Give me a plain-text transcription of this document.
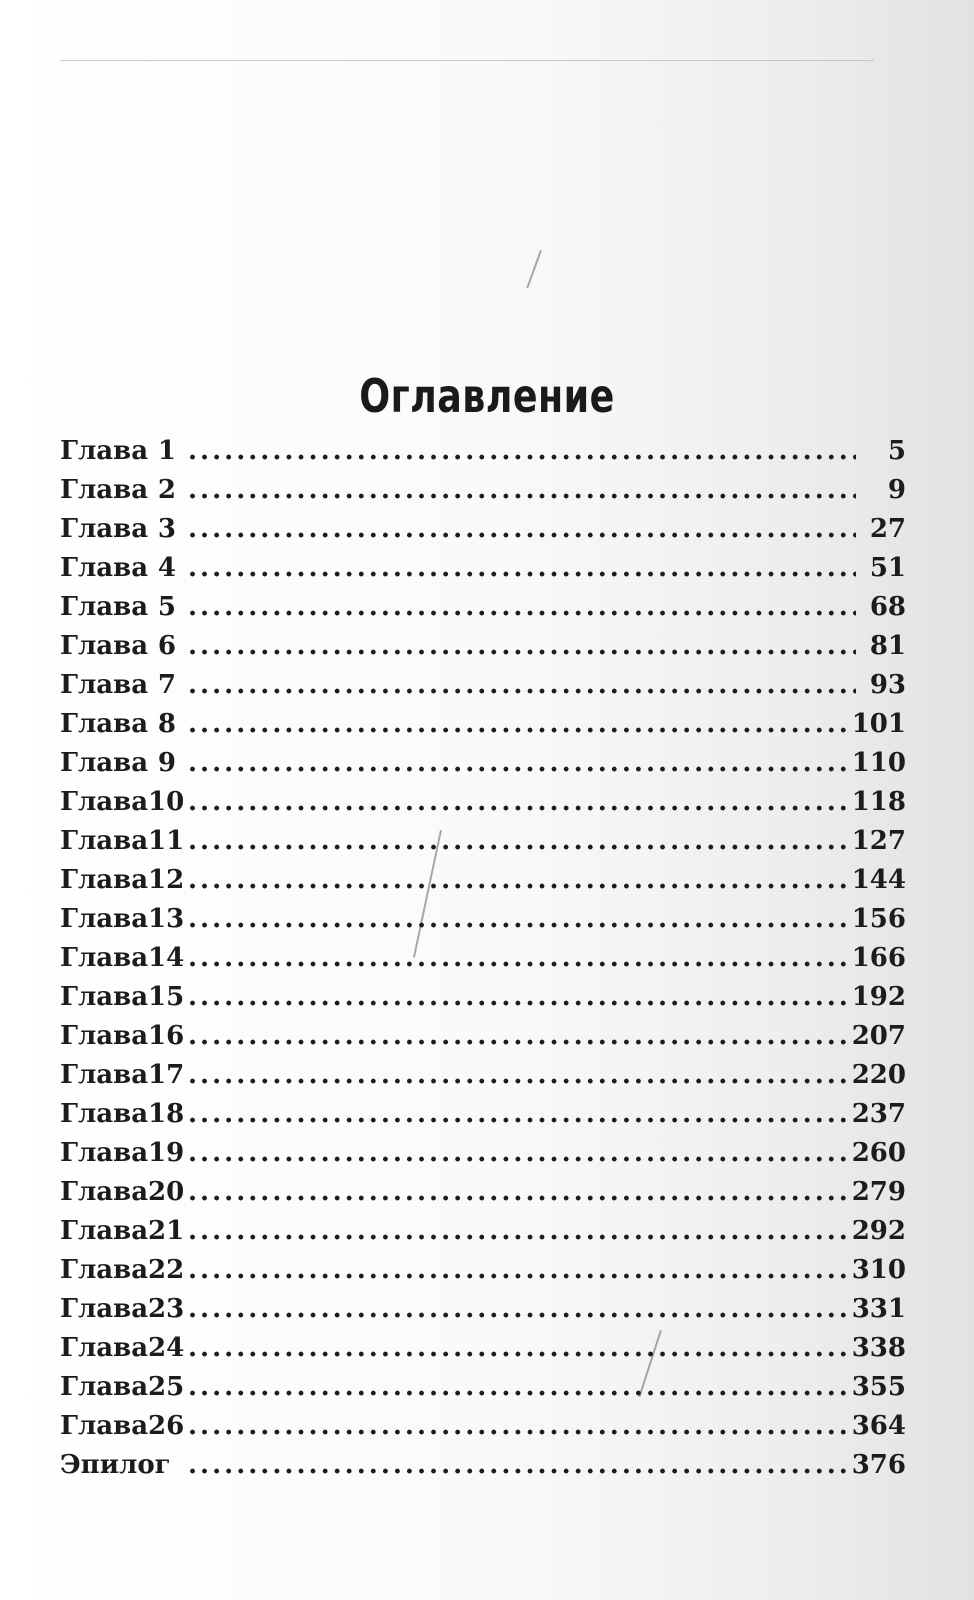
Оглавление
Глава 1 .....	5
Глава 2 .....	9
Глава 3 .....	27
Глава 4 .....	51
Глава 5 .....	68
Глава 6 .....	81
Глава 7 .....	93
Глава 8 .....	101
Глава 9 .....	110
Глава 10 .....	118
Глава 11 .....	127
Глава 12 .....	144
Глава 13 .....	156
Глава 14 .....	166
Глава 15 .....	192
Глава 16 .....	207
Глава 17 .....	220
Глава 18 .....	237
Глава 19 .....	260
Глава 20 .....	279
Глава 21 .....	292
Глава 22 .....	310
Глава 23 .....	331
Глава 24 .....	338
Глава 25 .....	355
Глава 26 .....	364
Эпилог .....	376
